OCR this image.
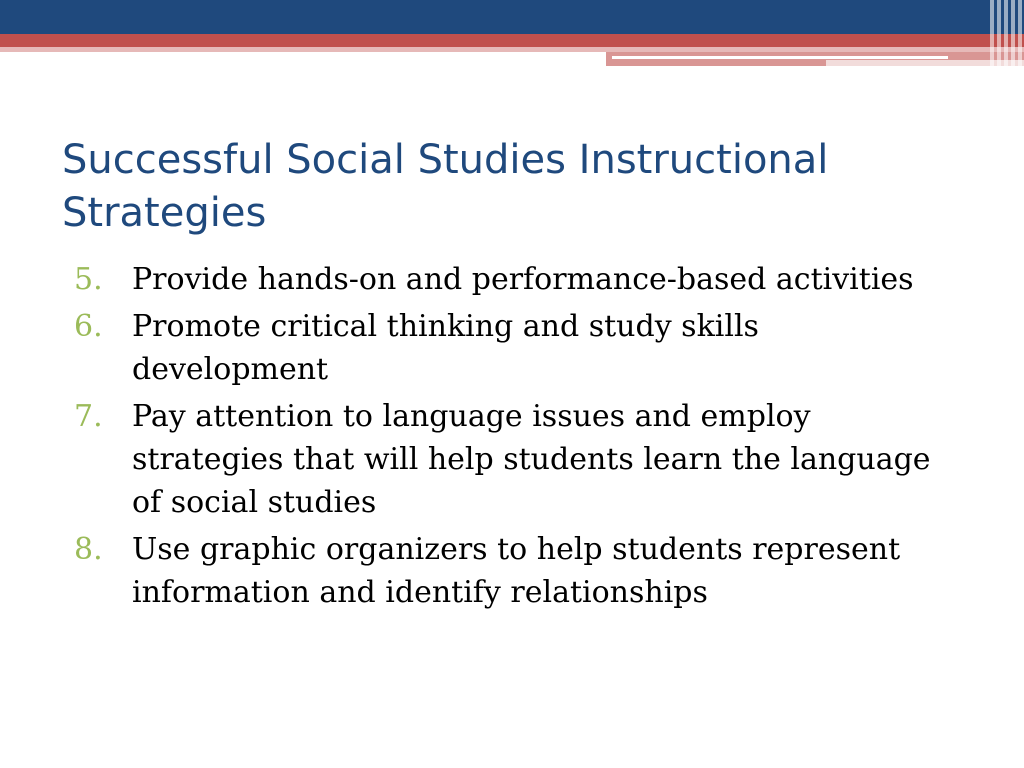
Successful Social Studies Instructional Strategies
5. Provide hands-on and performance-based activities
6. Promote critical thinking and study skills development
7. Pay attention to language issues and employ strategies that will help students learn the language of social studies
8. Use graphic organizers to help students represent information and identify relationships
